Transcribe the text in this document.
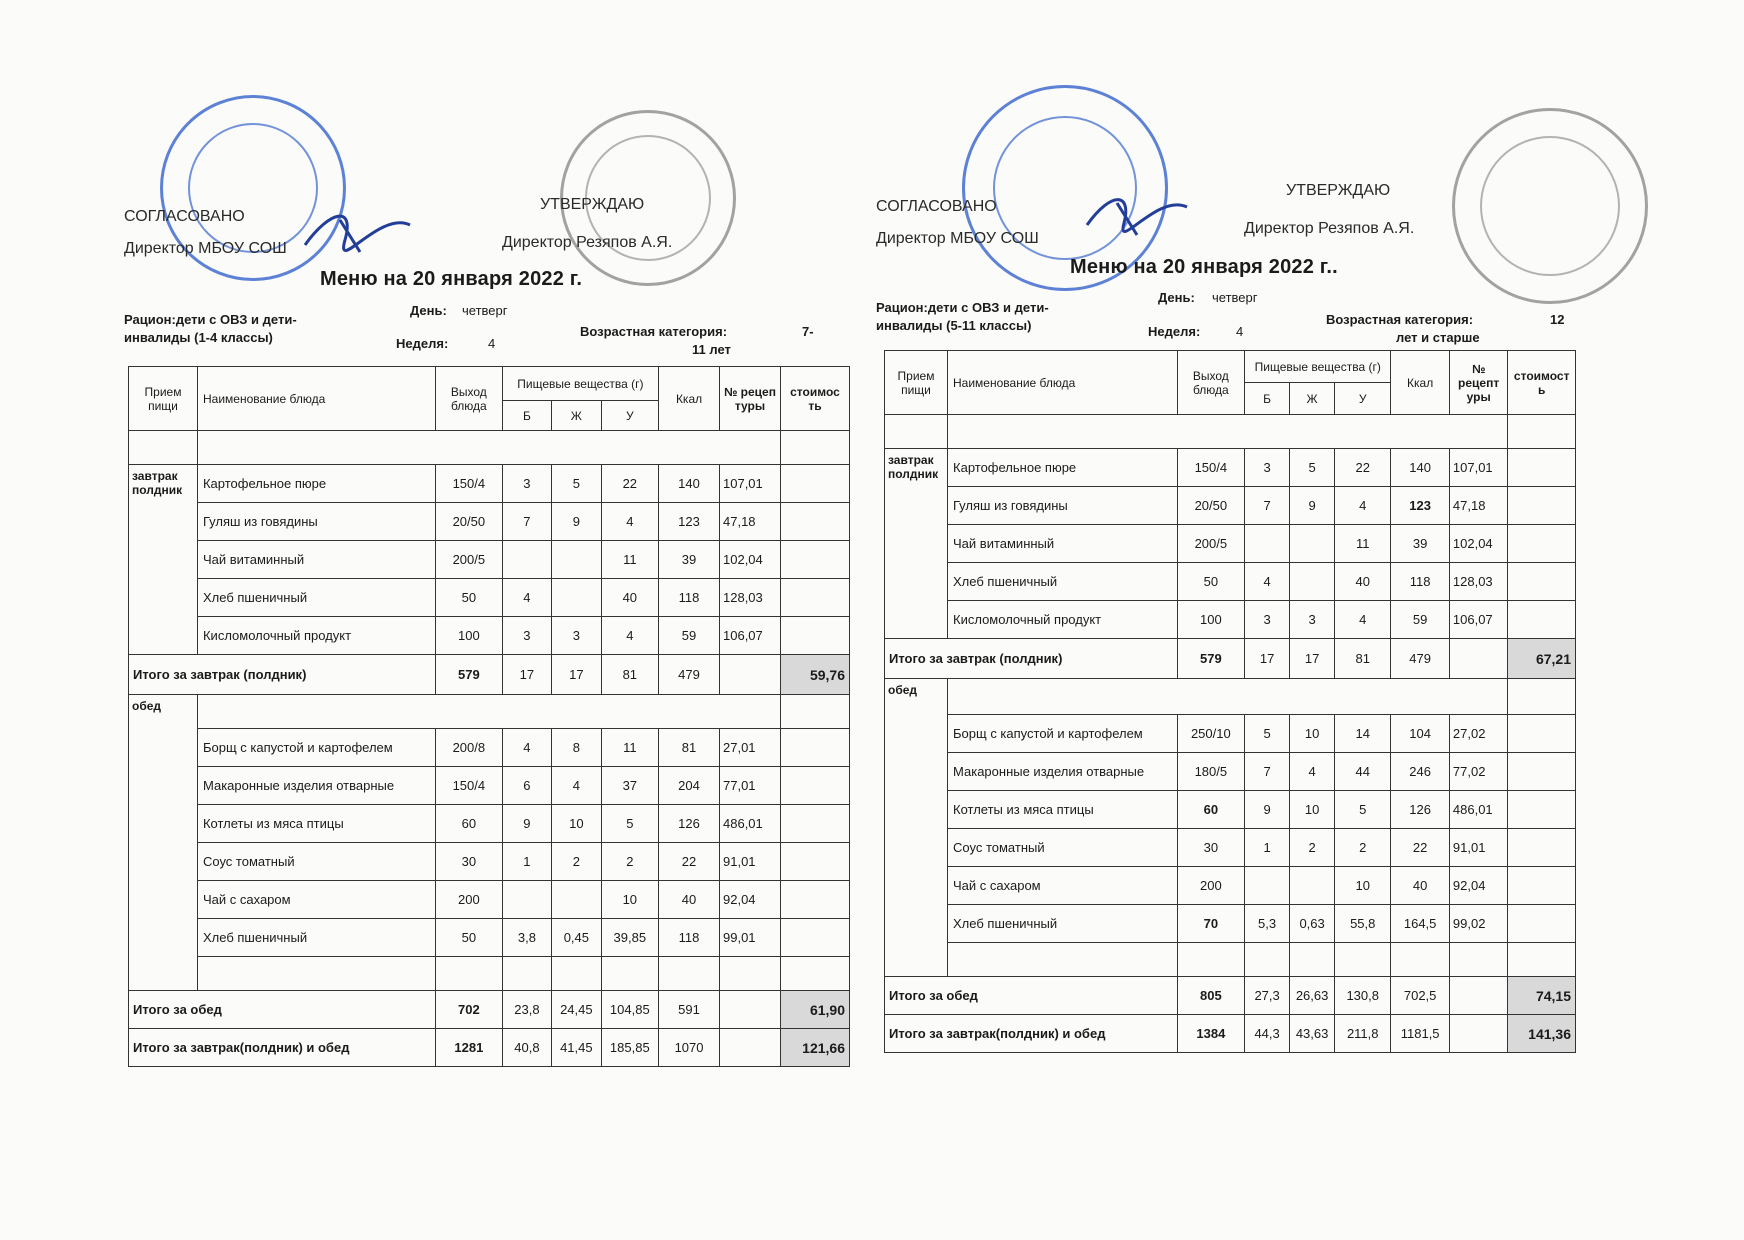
СОГЛАСОВАНО
Директор МБОУ СОШ
УТВЕРЖДАЮ
Директор Резяпов А.Я.
Меню на 20 января 2022 г.
Рацион:дети с ОВЗ и дети-
инвалиды (1-4 классы)
День: четверг
Неделя:	4
Возрастная категория:	7-
11 лет
Прием пищи	Наименование блюда	Выход блюда	Пищевые вещества (г)			Ккал	№ рецеп туры	стоимос ть
			Б	Ж	У			

завтрак
полдник	Картофельное пюре	150/4	3	5	22	140	107,01	
	Гуляш из говядины	20/50	7	9	4	123	47,18	
	Чай витаминный	200/5			11	39	102,04	
	Хлеб пшеничный	50	4		40	118	128,03	
	Кисломолочный продукт	100	3	3	4	59	106,07	
Итого за завтрак (полдник)		579	17	17	81	479		59,76
обед								
	Борщ с капустой и картофелем	200/8	4	8	11	81	27,01	
	Макаронные изделия отварные	150/4	6	4	37	204	77,01	
	Котлеты из мяса птицы	60	9	10	5	126	486,01	
	Соус томатный	30	1	2	2	22	91,01	
	Чай с сахаром	200			10	40	92,04	
	Хлеб пшеничный	50	3,8	0,45	39,85	118	99,01	

Итого за обед		702	23,8	24,45	104,85	591		61,90
Итого за завтрак(полдник) и обед		1281	40,8	41,45	185,85	1070		121,66
СОГЛАСОВАНО
Директор МБОУ СОШ
УТВЕРЖДАЮ
Директор Резяпов А.Я.
Меню на 20 января 2022 г..
Рацион:дети с ОВЗ и дети-
инвалиды (5-11 классы)
День: четверг
Неделя:	4
Возрастная категория:	12
лет и старше
Прием пищи	Наименование блюда	Выход блюда	Пищевые вещества (г)			Ккал	№ рецепт уры	стоимост ь
			Б	Ж	У			

завтрак
полдник	Картофельное пюре	150/4	3	5	22	140	107,01	
	Гуляш из говядины	20/50	7	9	4	123	47,18	
	Чай витаминный	200/5			11	39	102,04	
	Хлеб пшеничный	50	4		40	118	128,03	
	Кисломолочный продукт	100	3	3	4	59	106,07	
Итого за завтрак (полдник)		579	17	17	81	479		67,21
обед								
	Борщ с капустой и картофелем	250/10	5	10	14	104	27,02	
	Макаронные изделия отварные	180/5	7	4	44	246	77,02	
	Котлеты из мяса птицы	60	9	10	5	126	486,01	
	Соус томатный	30	1	2	2	22	91,01	
	Чай с сахаром	200			10	40	92,04	
	Хлеб пшеничный	70	5,3	0,63	55,8	164,5	99,02	

Итого за обед		805	27,3	26,63	130,8	702,5		74,15
Итого за завтрак(полдник) и обед		1384	44,3	43,63	211,8	1181,5		141,36
